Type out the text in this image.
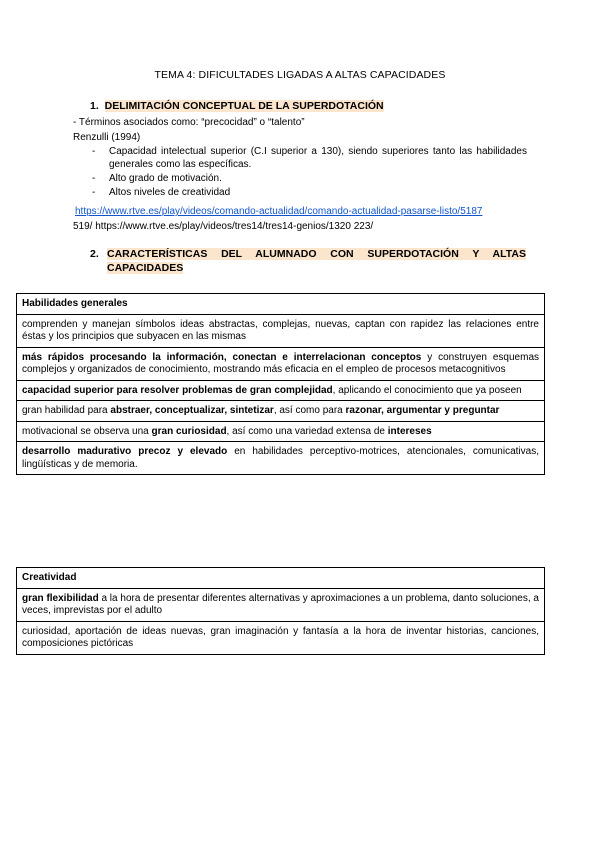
TEMA 4: DIFICULTADES LIGADAS A ALTAS CAPACIDADES
1. DELIMITACIÓN CONCEPTUAL DE LA SUPERDOTACIÓN
- Términos asociados como: “precocidad” o “talento”
Renzulli (1994)
- Capacidad intelectual superior (C.I superior a 130), siendo superiores tanto las habilidades generales como las específicas.
- Alto grado de motivación.
- Altos niveles de creatividad
https://www.rtve.es/play/videos/comando-actualidad/comando-actualidad-pasarse-listo/5187
519/ https://www.rtve.es/play/videos/tres14/tres14-genios/1320 223/
2. CARACTERÍSTICAS DEL ALUMNADO CON SUPERDOTACIÓN Y ALTAS CAPACIDADES
Habilidades generales
comprenden y manejan símbolos ideas abstractas, complejas, nuevas, captan con rapidez las relaciones entre éstas y los principios que subyacen en las mismas
más rápidos procesando la información, conectan e interrelacionan conceptos y construyen esquemas complejos y organizados de conocimiento, mostrando más eficacia en el empleo de procesos metacognitivos
capacidad superior para resolver problemas de gran complejidad, aplicando el conocimiento que ya poseen
gran habilidad para abstraer, conceptualizar, sintetizar, así como para razonar, argumentar y preguntar
motivacional se observa una gran curiosidad, así como una variedad extensa de intereses
desarrollo madurativo precoz y elevado en habilidades perceptivo-motrices, atencionales, comunicativas, lingüísticas y de memoria.
Creatividad
gran flexibilidad a la hora de presentar diferentes alternativas y aproximaciones a un problema, danto soluciones, a veces, imprevistas por el adulto
curiosidad, aportación de ideas nuevas, gran imaginación y fantasía a la hora de inventar historias, canciones, composiciones pictóricas
